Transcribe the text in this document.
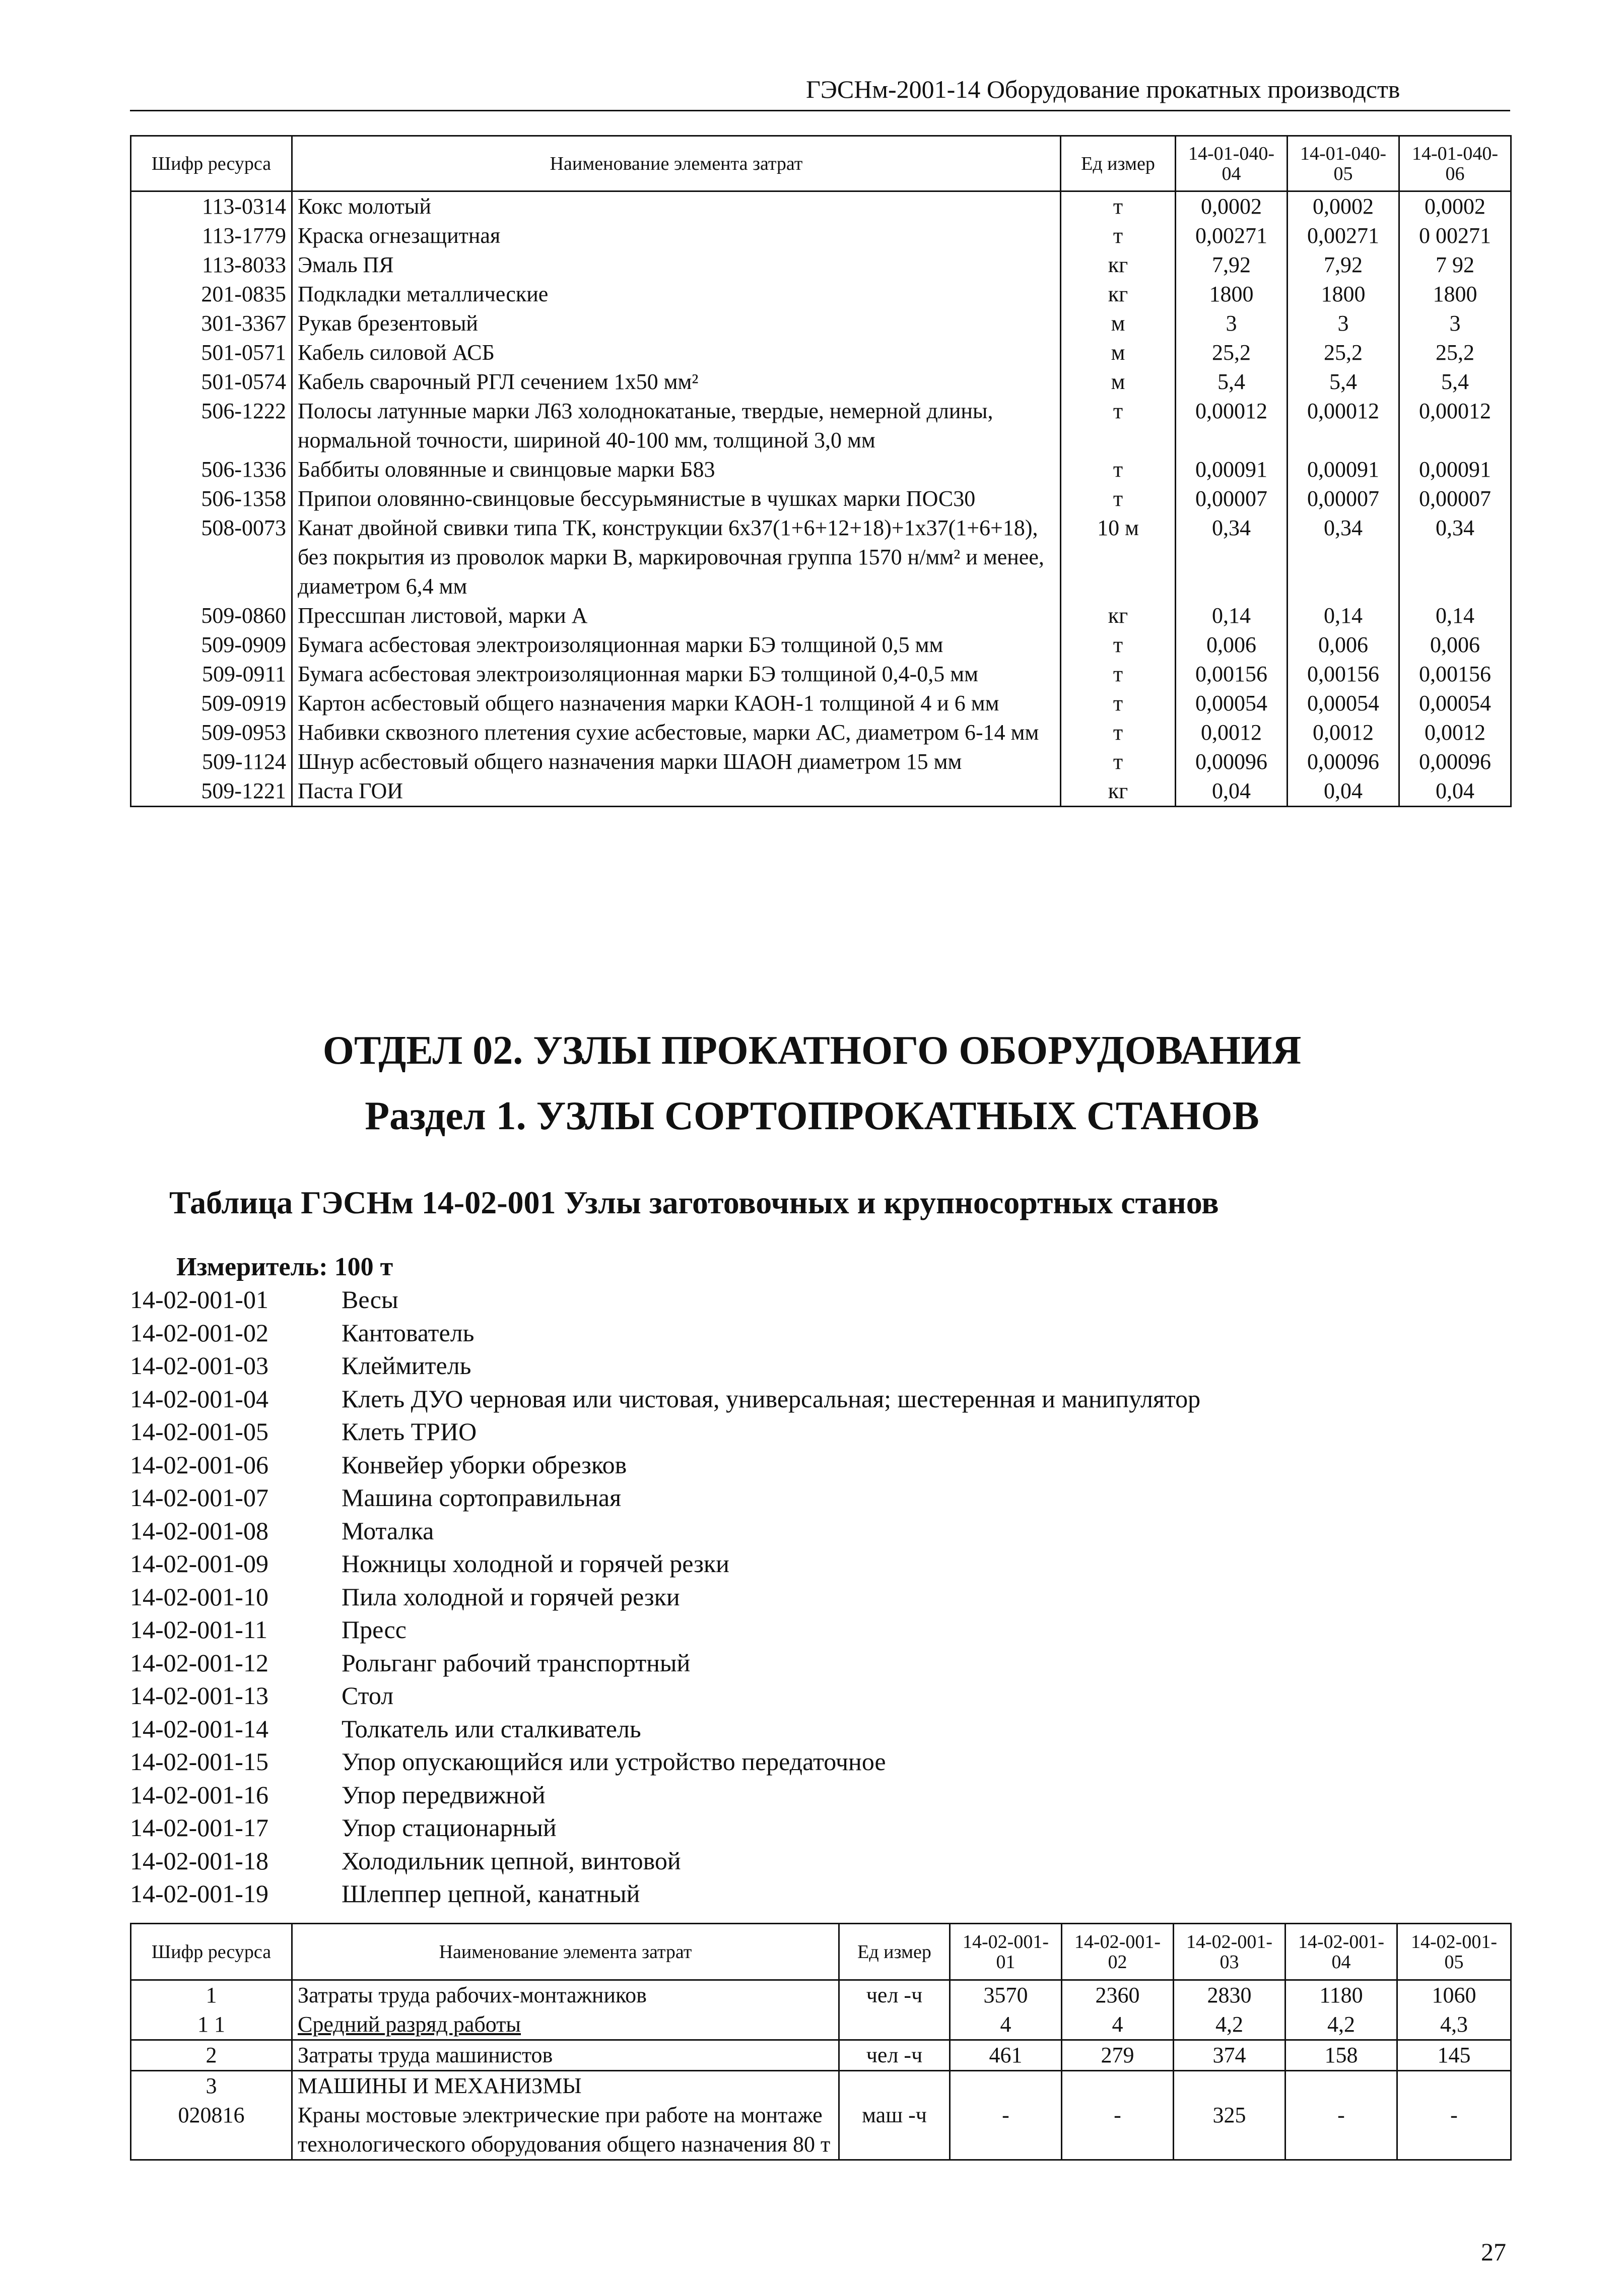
ГЭСНм-2001-14 Оборудование прокатных производств
Шифр ресурса	Наименование элемента затрат	Ед измер	14-01-040-04	14-01-040-05	14-01-040-06
113-0314	Кокс молотый	т	0,0002	0,0002	0,0002
113-1779	Краска огнезащитная	т	0,00271	0,00271	0 00271
113-8033	Эмаль ПЯ	кг	7,92	7,92	7 92
201-0835	Подкладки металлические	кг	1800	1800	1800
301-3367	Рукав брезентовый	м	3	3	3
501-0571	Кабель силовой АСБ	м	25,2	25,2	25,2
501-0574	Кабель сварочный РГЛ сечением 1х50 мм²	м	5,4	5,4	5,4
506-1222	Полосы латунные марки Л63 холоднокатаные, твердые, немерной длины, нормальной точности, шириной 40-100 мм, толщиной 3,0 мм	т	0,00012	0,00012	0,00012
506-1336	Баббиты оловянные и свинцовые марки Б83	т	0,00091	0,00091	0,00091
506-1358	Припои оловянно-свинцовые бессурьмянистые в чушках марки ПОС30	т	0,00007	0,00007	0,00007
508-0073	Канат двойной свивки типа ТК, конструкции 6х37(1+6+12+18)+1х37(1+6+18), без покрытия из проволок марки В, маркировочная группа 1570 н/мм² и менее, диаметром 6,4 мм	10 м	0,34	0,34	0,34
509-0860	Прессшпан листовой, марки А	кг	0,14	0,14	0,14
509-0909	Бумага асбестовая электроизоляционная марки БЭ толщиной 0,5 мм	т	0,006	0,006	0,006
509-0911	Бумага асбестовая электроизоляционная марки БЭ толщиной 0,4-0,5 мм	т	0,00156	0,00156	0,00156
509-0919	Картон асбестовый общего назначения марки КАОН-1 толщиной 4 и 6 мм	т	0,00054	0,00054	0,00054
509-0953	Набивки сквозного плетения сухие асбестовые, марки АС, диаметром 6-14 мм	т	0,0012	0,0012	0,0012
509-1124	Шнур асбестовый общего назначения марки ШАОН диаметром 15 мм	т	0,00096	0,00096	0,00096
509-1221	Паста ГОИ	кг	0,04	0,04	0,04
ОТДЕЛ 02. УЗЛЫ ПРОКАТНОГО ОБОРУДОВАНИЯ
Раздел 1. УЗЛЫ СОРТОПРОКАТНЫХ СТАНОВ
Таблица ГЭСНм 14-02-001 Узлы заготовочных и крупносортных станов
Измеритель: 100 т
14-02-001-01	Весы
14-02-001-02	Кантователь
14-02-001-03	Клеймитель
14-02-001-04	Клеть ДУО черновая или чистовая, универсальная; шестеренная и манипулятор
14-02-001-05	Клеть ТРИО
14-02-001-06	Конвейер уборки обрезков
14-02-001-07	Машина сортоправильная
14-02-001-08	Моталка
14-02-001-09	Ножницы холодной и горячей резки
14-02-001-10	Пила холодной и горячей резки
14-02-001-11	Пресс
14-02-001-12	Рольганг рабочий транспортный
14-02-001-13	Стол
14-02-001-14	Толкатель или сталкиватель
14-02-001-15	Упор опускающийся или устройство передаточное
14-02-001-16	Упор передвижной
14-02-001-17	Упор стационарный
14-02-001-18	Холодильник цепной, винтовой
14-02-001-19	Шлеппер цепной, канатный
Шифр ресурса	Наименование элемента затрат	Ед измер	14-02-001-01	14-02-001-02	14-02-001-03	14-02-001-04	14-02-001-05
1	Затраты труда рабочих-монтажников	чел -ч	3570	2360	2830	1180	1060
1 1	Средний разряд работы		4	4	4,2	4,2	4,3
2	Затраты труда машинистов	чел -ч	461	279	374	158	145
3	МАШИНЫ И МЕХАНИЗМЫ						
020816	Краны мостовые электрические при работе на монтаже технологического оборудования общего назначения 80 т	маш -ч	-	-	325	-	-
27
